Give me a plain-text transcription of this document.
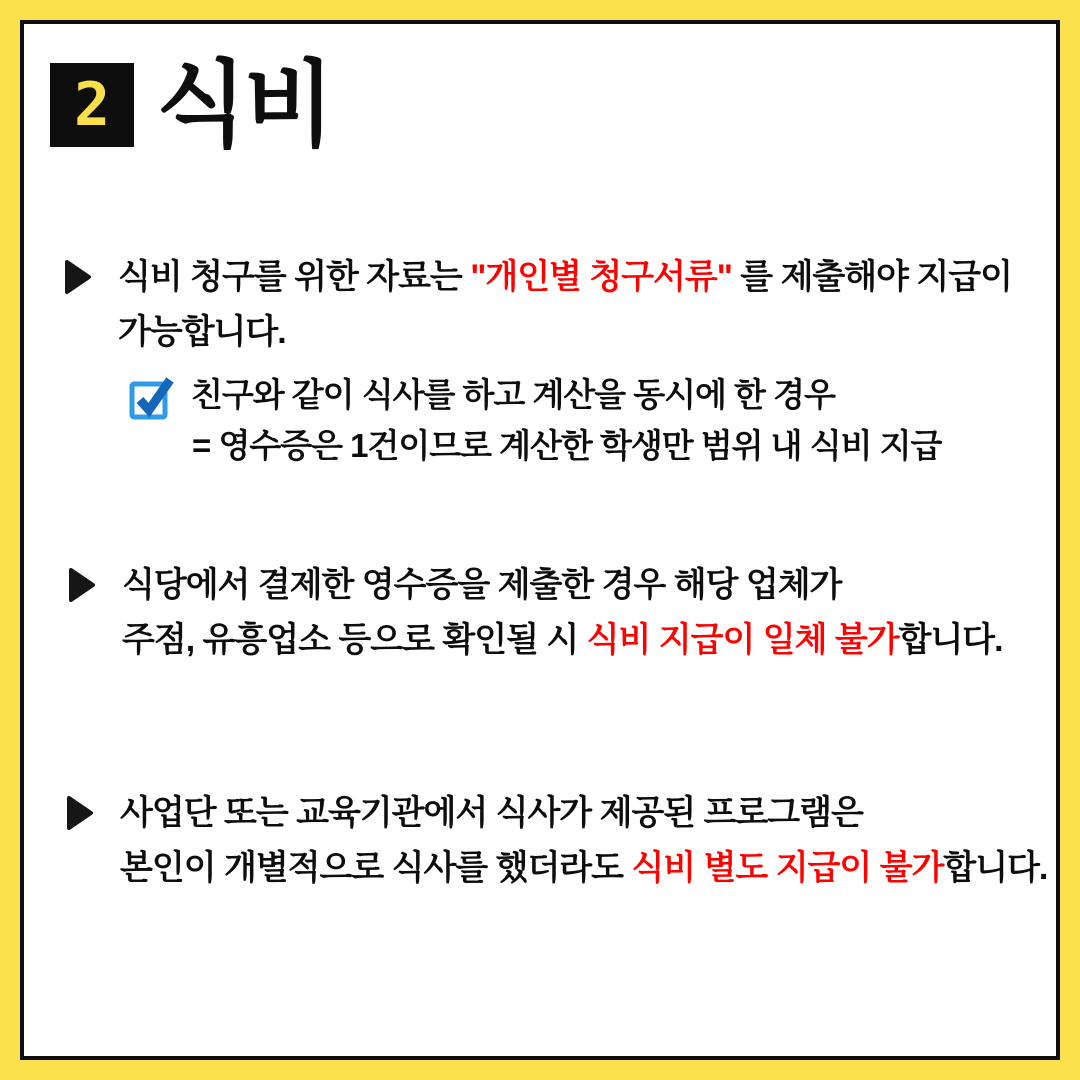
2 식비
식비 청구를 위한 자료는 "개인별 청구서류" 를 제출해야 지급이
가능합니다.
친구와 같이 식사를 하고 계산을 동시에 한 경우
= 영수증은 1건이므로 계산한 학생만 범위 내 식비 지급
식당에서 결제한 영수증을 제출한 경우 해당 업체가
주점, 유흥업소 등으로 확인될 시 식비 지급이 일체 불가합니다.
사업단 또는 교육기관에서 식사가 제공된 프로그램은
본인이 개별적으로 식사를 했더라도 식비 별도 지급이 불가합니다.
